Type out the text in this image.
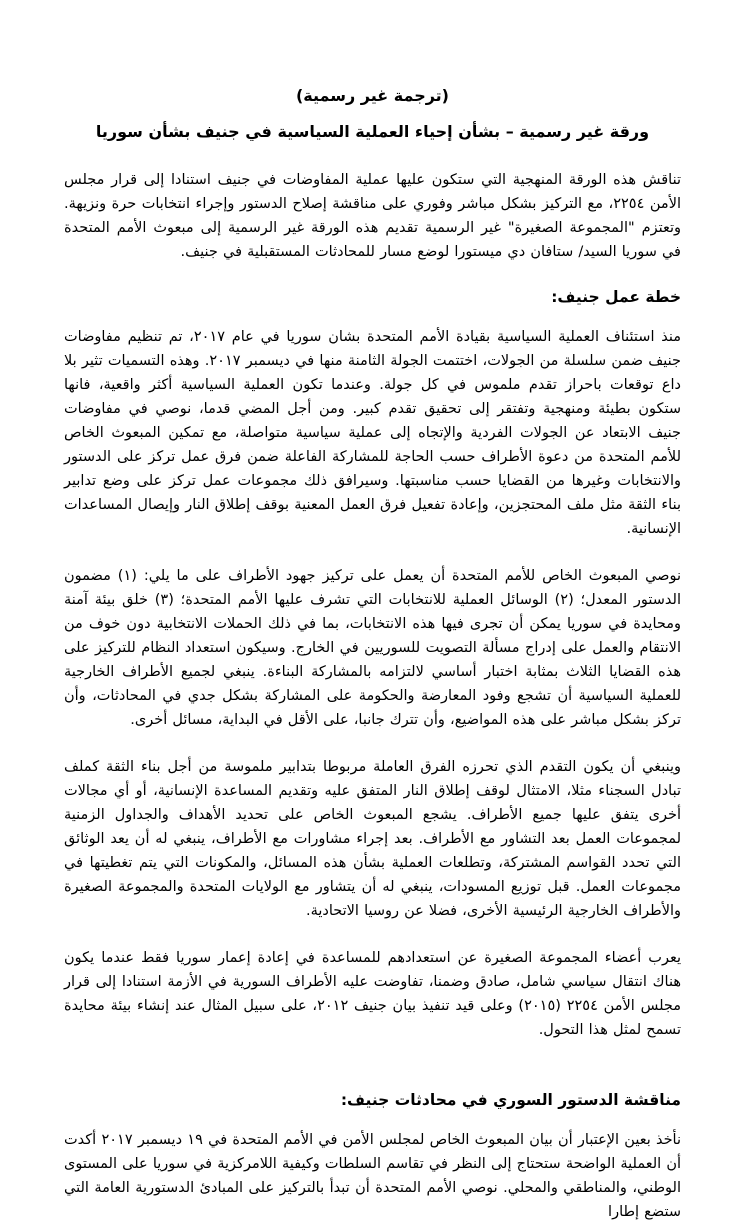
(ترجمة غير رسمية)

ورقة غير رسمية – بشأن إحياء العملية السياسية في جنيف بشأن سوريا

تناقش هذه الورقة المنهجية التي ستكون عليها عملية المفاوضات في جنيف استنادا إلى قرار مجلس الأمن ٢٢٥٤، مع التركيز بشكل مباشر وفوري على مناقشة إصلاح الدستور وإجراء انتخابات حرة ونزيهة. وتعتزم "المجموعة الصغيرة" غير الرسمية تقديم هذه الورقة غير الرسمية إلى مبعوث الأمم المتحدة في سوريا السيد/ ستافان دي ميستورا لوضع مسار للمحادثات المستقبلية في جنيف.

خطة عمل جنيف:

منذ استئناف العملية السياسية بقيادة الأمم المتحدة بشان سوريا في عام ٢٠١٧، تم تنظيم مفاوضات جنيف ضمن سلسلة من الجولات، اختتمت الجولة الثامنة منها في ديسمبر ٢٠١٧. وهذه التسميات تثير بلا داع توقعات باحراز تقدم ملموس في كل جولة. وعندما تكون العملية السياسية أكثر واقعية، فانها ستكون بطيئة ومنهجية وتفتقر إلى تحقيق تقدم كبير. ومن أجل المضي قدما، نوصي في مفاوضات جنيف الابتعاد عن الجولات الفردية والإتجاه إلى عملية سياسية متواصلة، مع تمكين المبعوث الخاص للأمم المتحدة من دعوة الأطراف حسب الحاجة للمشاركة الفاعلة ضمن فرق عمل تركز على الدستور والانتخابات وغيرها من القضايا حسب مناسبتها. وسيرافق ذلك مجموعات عمل تركز على وضع تدابير بناء الثقة مثل ملف المحتجزين، وإعادة تفعيل فرق العمل المعنية بوقف إطلاق النار وإيصال المساعدات الإنسانية.

نوصي المبعوث الخاص للأمم المتحدة أن يعمل على تركيز جهود الأطراف على ما يلي: (١) مضمون الدستور المعدل؛ (٢) الوسائل العملية للانتخابات التي تشرف عليها الأمم المتحدة؛ (٣) خلق بيئة آمنة ومحايدة في سوريا يمكن أن تجرى فيها هذه الانتخابات، بما في ذلك الحملات الانتخابية دون خوف من الانتقام والعمل على إدراج مسألة التصويت للسوريين في الخارج. وسيكون استعداد النظام للتركيز على هذه القضايا الثلاث بمثابة اختبار أساسي لالتزامه بالمشاركة البناءة. ينبغي لجميع الأطراف الخارجية للعملية السياسية أن تشجع وفود المعارضة والحكومة على المشاركة بشكل جدي في المحادثات، وأن تركز بشكل مباشر على هذه المواضيع، وأن تترك جانبا، على الأقل في البداية، مسائل أخرى.

وينبغي أن يكون التقدم الذي تحرزه الفرق العاملة مربوطا بتدابير ملموسة من أجل بناء الثقة كملف تبادل السجناء مثلا، الامتثال لوقف إطلاق النار المتفق عليه وتقديم المساعدة الإنسانية، أو أي مجالات أخرى يتفق عليها جميع الأطراف. يشجع المبعوث الخاص على تحديد الأهداف والجداول الزمنية لمجموعات العمل بعد التشاور مع الأطراف. بعد إجراء مشاورات مع الأطراف، ينبغي له أن يعد الوثائق التي تحدد القواسم المشتركة، وتطلعات العملية بشأن هذه المسائل، والمكونات التي يتم تغطيتها في مجموعات العمل. قبل توزيع المسودات، ينبغي له أن يتشاور مع الولايات المتحدة والمجموعة الصغيرة والأطراف الخارجية الرئيسية الأخرى، فضلا عن روسيا الاتحادية.

يعرب أعضاء المجموعة الصغيرة عن استعدادهم للمساعدة في إعادة إعمار سوريا فقط عندما يكون هناك انتقال سياسي شامل، صادق وضمنا، تفاوضت عليه الأطراف السورية في الأزمة استنادا إلى قرار مجلس الأمن ٢٢٥٤ (٢٠١٥) وعلى قيد تنفيذ بيان جنيف ٢٠١٢، على سبيل المثال عند إنشاء بيئة محايدة تسمح لمثل هذا التحول.

مناقشة الدستور السوري في محادثات جنيف:

نأخذ بعين الإعتبار أن بيان المبعوث الخاص لمجلس الأمن في الأمم المتحدة في ١٩ ديسمبر ٢٠١٧ أكدت أن العملية الواضحة ستحتاج إلى النظر في تقاسم السلطات وكيفية اللامركزية في سوريا على المستوى الوطني، والمناطقي والمحلي. نوصي الأمم المتحدة أن تبدأ بالتركيز على المبادئ الدستورية العامة التي ستضع إطارا
